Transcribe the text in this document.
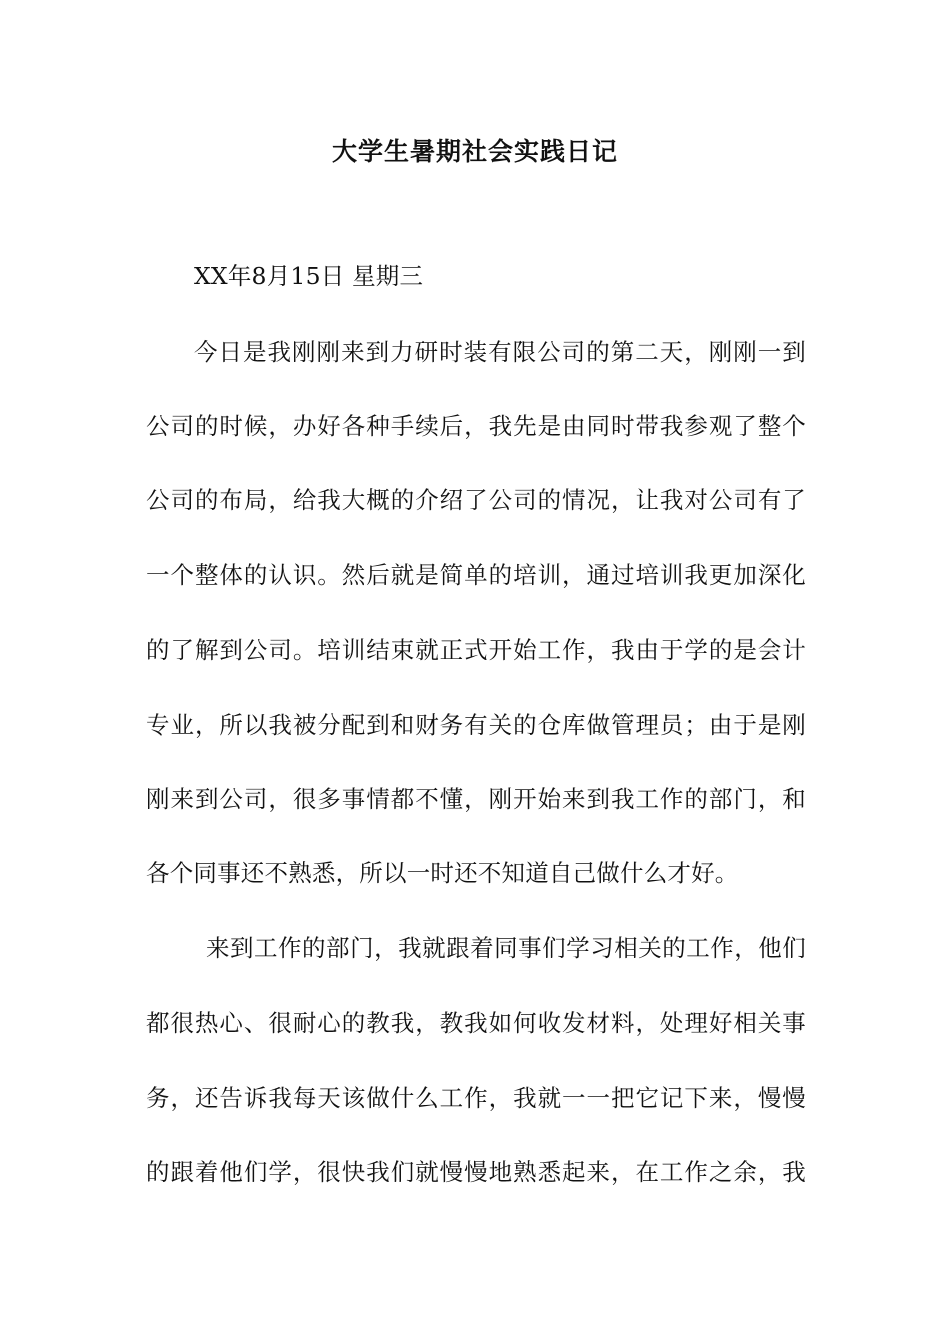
大学生暑期社会实践日记
XX年8月15日 星期三
今日是我刚刚来到力研时装有限公司的第二天，刚刚一到
公司的时候，办好各种手续后，我先是由同时带我参观了整个
公司的布局，给我大概的介绍了公司的情况，让我对公司有了
一个整体的认识。然后就是简单的培训，通过培训我更加深化
的了解到公司。培训结束就正式开始工作，我由于学的是会计
专业，所以我被分配到和财务有关的仓库做管理员；由于是刚
刚来到公司，很多事情都不懂，刚开始来到我工作的部门，和
各个同事还不熟悉，所以一时还不知道自己做什么才好。
来到工作的部门，我就跟着同事们学习相关的工作，他们
都很热心、很耐心的教我，教我如何收发材料，处理好相关事
务，还告诉我每天该做什么工作，我就一一把它记下来，慢慢
的跟着他们学，很快我们就慢慢地熟悉起来，在工作之余，我
